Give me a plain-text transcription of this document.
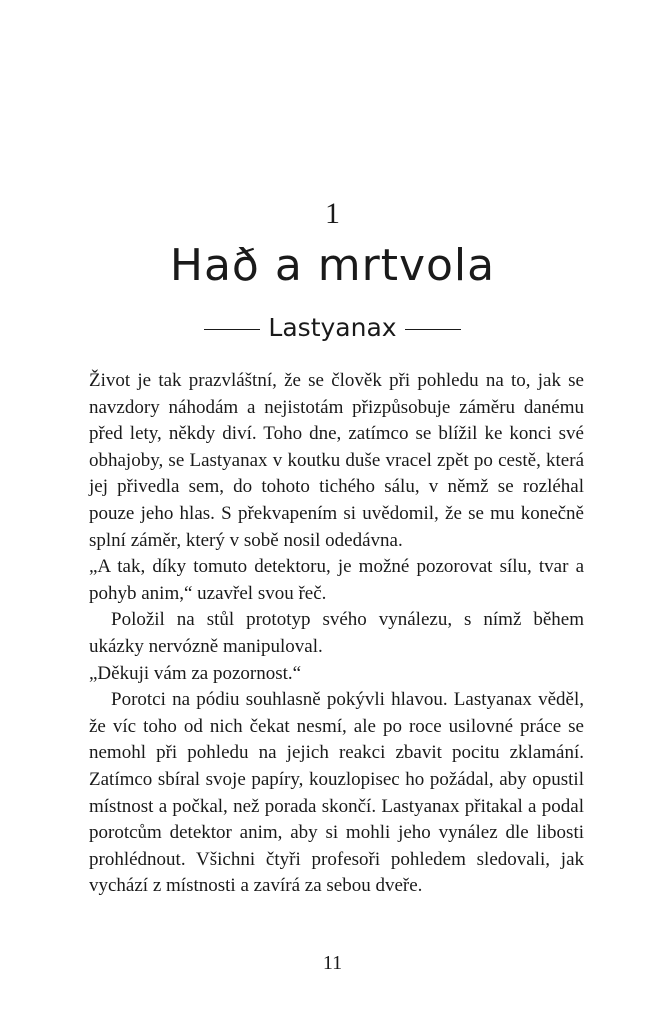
1
Hað a mrtvola
Lastyanax

Život je tak prazvláštní, že se člověk při pohledu na to, jak se navzdory náhodám a nejistotám přizpůsobuje záměru danému před lety, někdy diví. Toho dne, zatímco se blížil ke konci své obhajoby, se Lastyanax v koutku duše vracel zpět po cestě, která jej přivedla sem, do tohoto tichého sálu, v němž se rozléhal pouze jeho hlas. S překvapením si uvědomil, že se mu konečně splní záměr, který v sobě nosil odedávna.

„A tak, díky tomuto detektoru, je možné pozorovat sílu, tvar a pohyb anim,“ uzavřel svou řeč.

Položil na stůl prototyp svého vynálezu, s nímž během ukázky nervózně manipuloval.

„Děkuji vám za pozornost.“

Porotci na pódiu souhlasně pokývli hlavou. Lastyanax věděl, že víc toho od nich čekat nesmí, ale po roce usilovné práce se nemohl při pohledu na jejich reakci zbavit pocitu zklamání. Zatímco sbíral svoje papíry, kouzlopisec ho požádal, aby opustil místnost a počkal, než porada skončí. Lastyanax přitakal a podal porotcům detektor anim, aby si mohli jeho vynález dle libosti prohlédnout. Všichni čtyři profesoři pohledem sledovali, jak vychází z místnosti a zavírá za sebou dveře.

11
